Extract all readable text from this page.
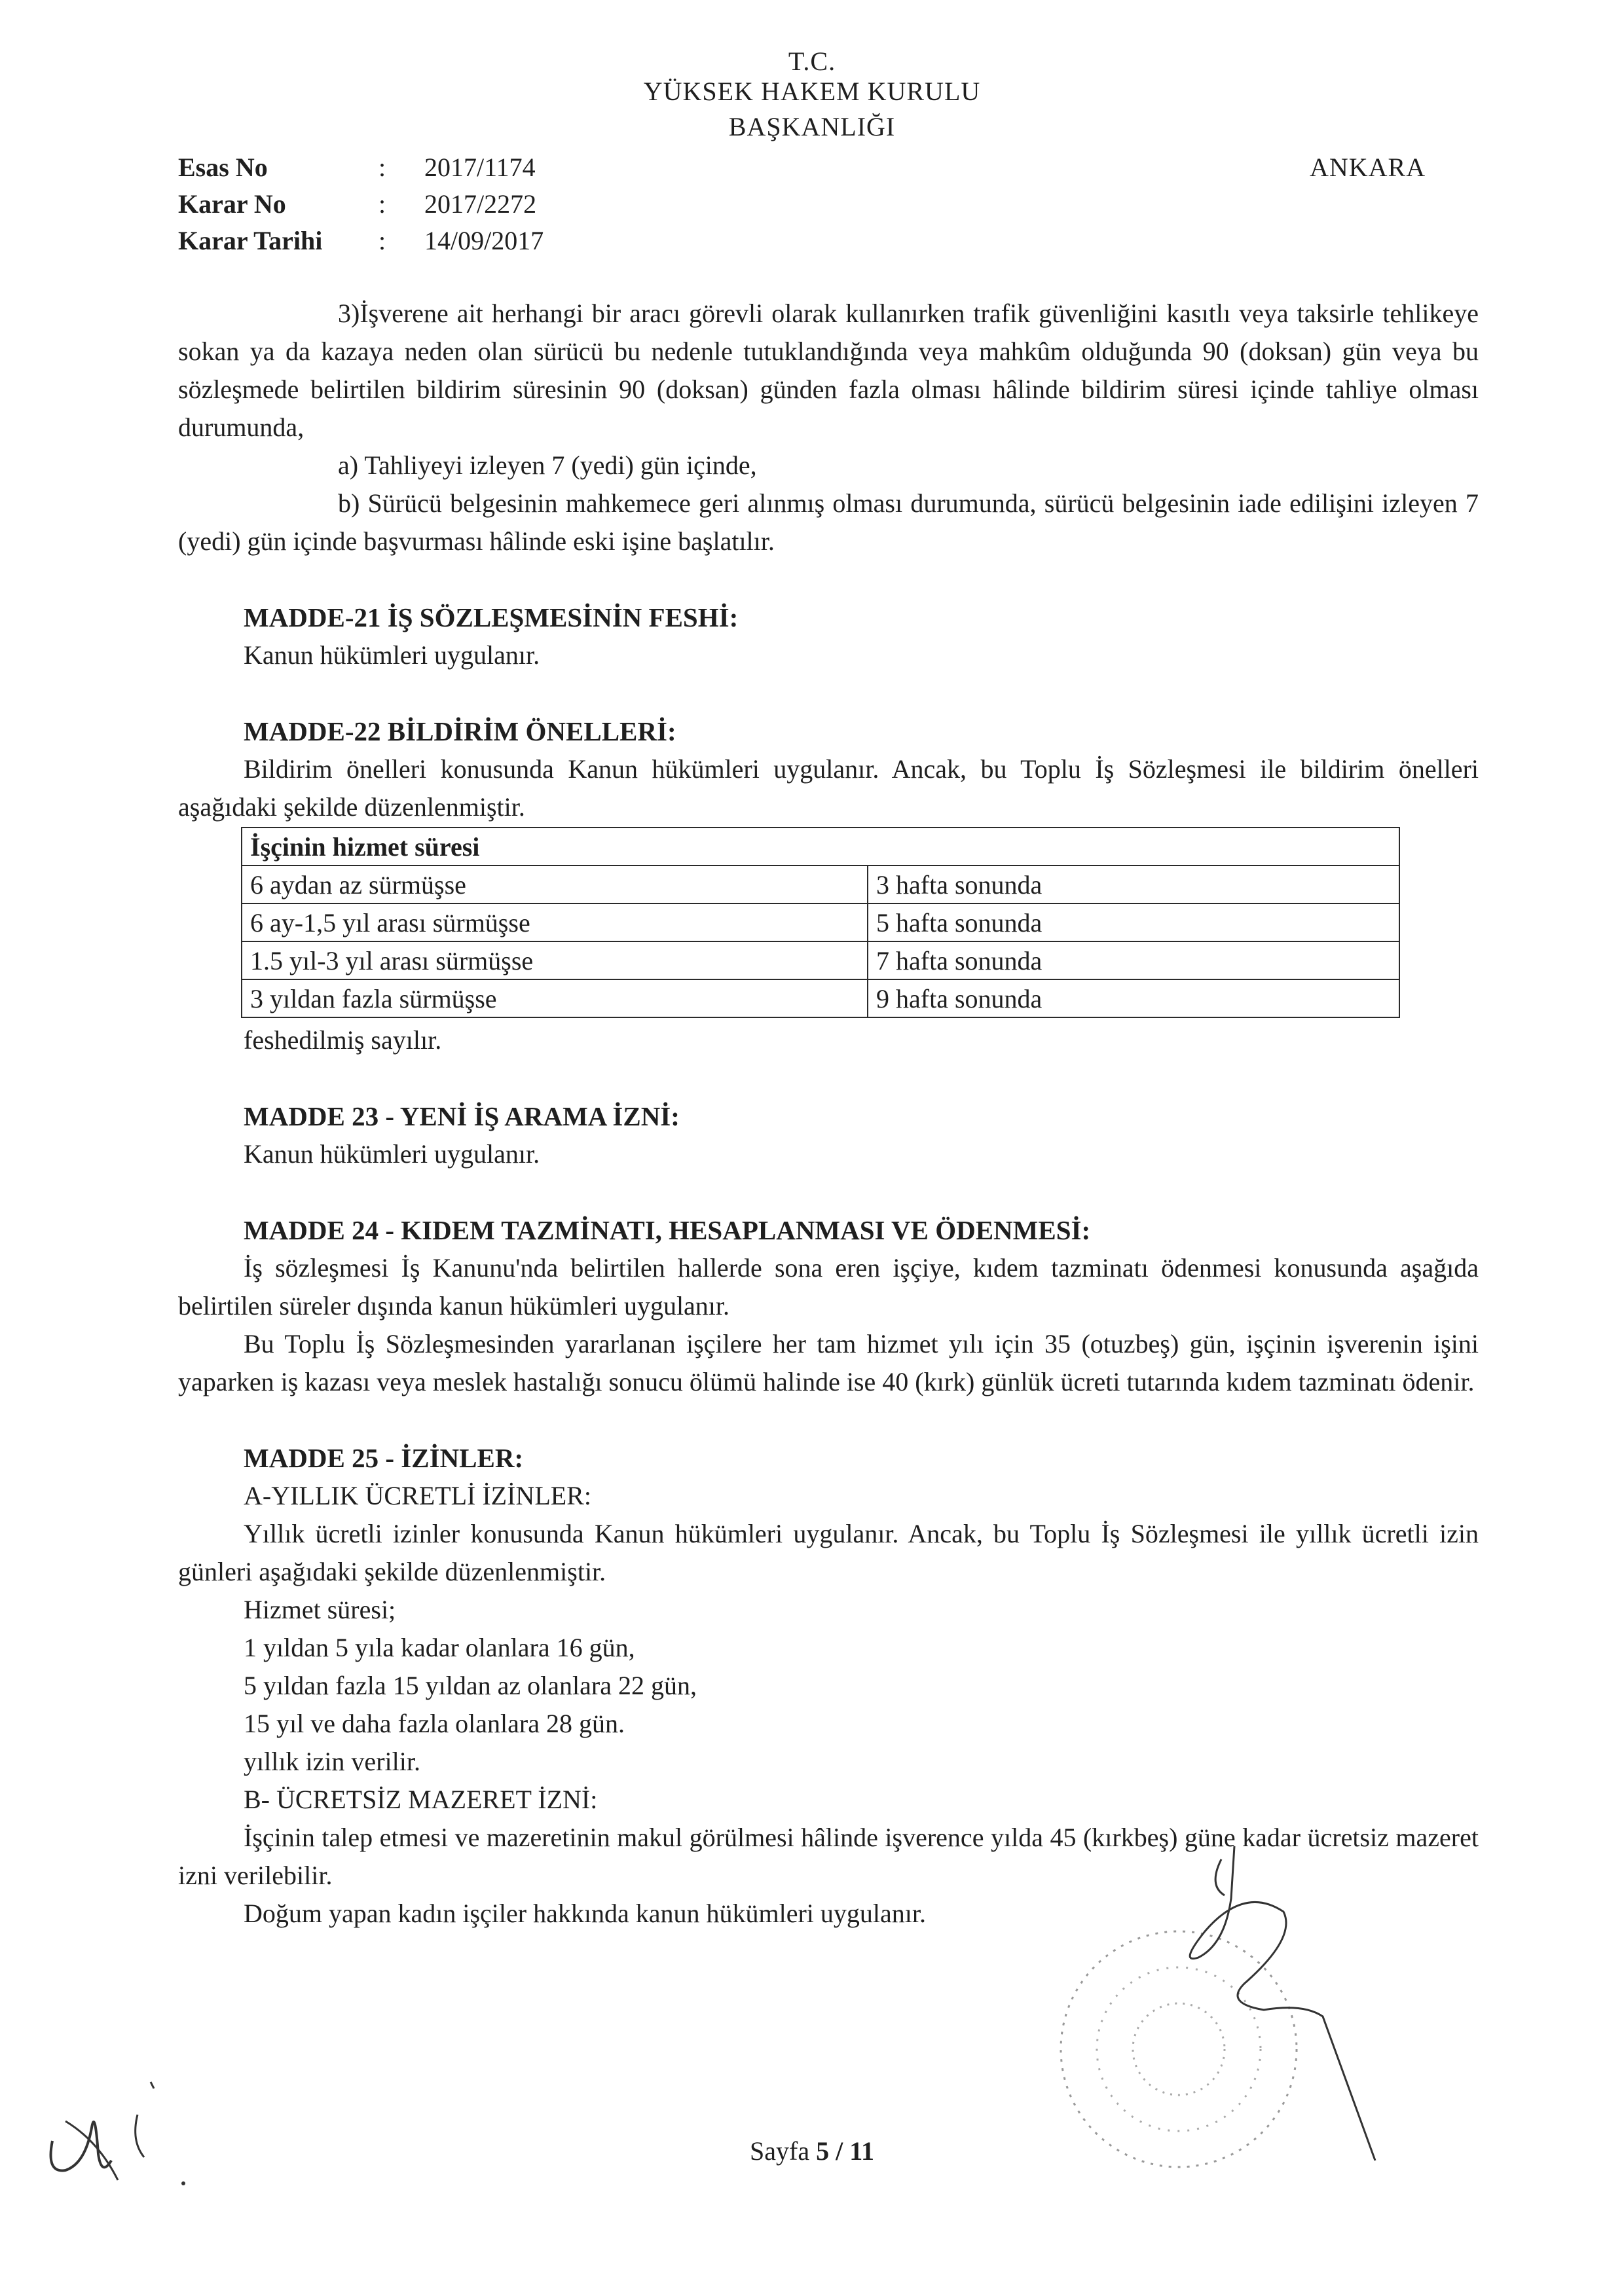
T.C.
YÜKSEK HAKEM KURULU
BAŞKANLIĞI
Esas No	: 2017/1174
Karar No	: 2017/2272
Karar Tarihi : 14/09/2017
ANKARA

3)İşverene ait herhangi bir aracı görevli olarak kullanırken trafik güvenliğini kasıtlı veya taksirle tehlikeye sokan ya da kazaya neden olan sürücü bu nedenle tutuklandığında veya mahkûm olduğunda 90 (doksan) gün veya bu sözleşmede belirtilen bildirim süresinin 90 (doksan) günden fazla olması hâlinde bildirim süresi içinde tahliye olması durumunda,

a) Tahliyeyi izleyen 7 (yedi) gün içinde,

b) Sürücü belgesinin mahkemece geri alınmış olması durumunda, sürücü belgesinin iade edilişini izleyen 7 (yedi) gün içinde başvurması hâlinde eski işine başlatılır.

MADDE-21 İŞ SÖZLEŞMESİNİN FESHİ:

Kanun hükümleri uygulanır.

MADDE-22 BİLDİRİM ÖNELLERİ:

Bildirim önelleri konusunda Kanun hükümleri uygulanır. Ancak, bu Toplu İş Sözleşmesi ile bildirim önelleri aşağıdaki şekilde düzenlenmiştir.

İşçinin hizmet süresi	
6 aydan az sürmüşse	3 hafta sonunda
6 ay-1,5 yıl arası sürmüşse	5 hafta sonunda
1.5 yıl-3 yıl arası sürmüşse	7 hafta sonunda
3 yıldan fazla sürmüşse	9 hafta sonunda

feshedilmiş sayılır.

MADDE 23 - YENİ İŞ ARAMA İZNİ:

Kanun hükümleri uygulanır.

MADDE 24 - KIDEM TAZMİNATI, HESAPLANMASI VE ÖDENMESİ:

İş sözleşmesi İş Kanunu'nda belirtilen hallerde sona eren işçiye, kıdem tazminatı ödenmesi konusunda aşağıda belirtilen süreler dışında kanun hükümleri uygulanır.

Bu Toplu İş Sözleşmesinden yararlanan işçilere her tam hizmet yılı için 35 (otuzbeş) gün, işçinin işverenin işini yaparken iş kazası veya meslek hastalığı sonucu ölümü halinde ise 40 (kırk) günlük ücreti tutarında kıdem tazminatı ödenir.

MADDE 25 - İZİNLER:

A-YILLIK ÜCRETLİ İZİNLER:

Yıllık ücretli izinler konusunda Kanun hükümleri uygulanır. Ancak, bu Toplu İş Sözleşmesi ile yıllık ücretli izin günleri aşağıdaki şekilde düzenlenmiştir.

Hizmet süresi;

1 yıldan 5 yıla kadar olanlara 16 gün,

5 yıldan fazla 15 yıldan az olanlara 22 gün,

15 yıl ve daha fazla olanlara 28 gün.

yıllık izin verilir.

B- ÜCRETSİZ MAZERET İZNİ:

İşçinin talep etmesi ve mazeretinin makul görülmesi hâlinde işverence yılda 45 (kırkbeş) güne kadar ücretsiz mazeret izni verilebilir.

Doğum yapan kadın işçiler hakkında kanun hükümleri uygulanır.

Sayfa 5 / 11
